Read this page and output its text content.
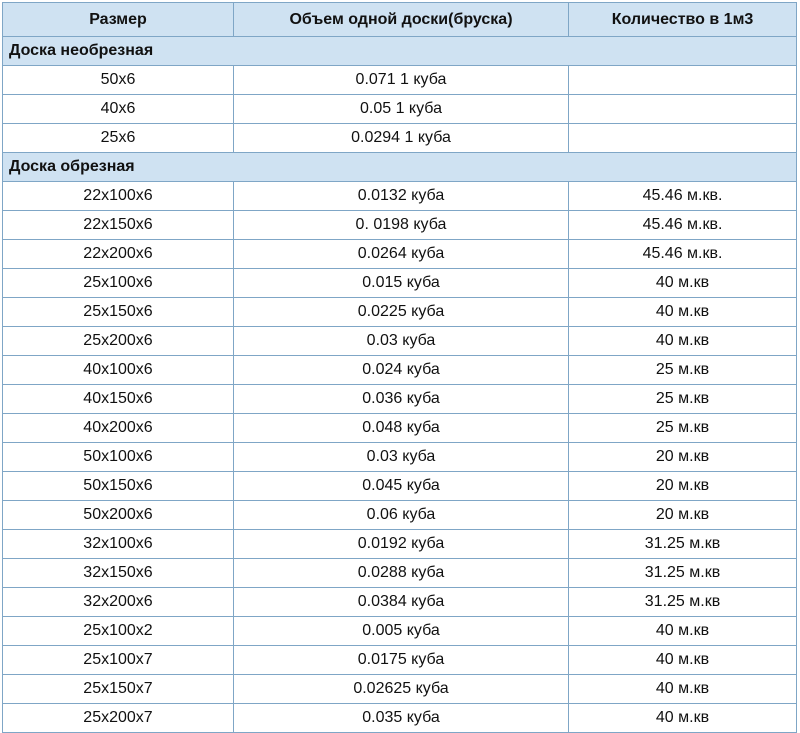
Размер	Объем одной доски(бруска)	Количество в 1м3
Доска необрезная		
50х6	0.071 1 куба	
40х6	0.05 1 куба	
25х6	0.0294 1 куба	
Доска обрезная		
22х100х6	0.0132 куба	45.46 м.кв.
22х150х6	0. 0198 куба	45.46 м.кв.
22х200х6	0.0264 куба	45.46 м.кв.
25х100х6	0.015 куба	40 м.кв
25х150х6	0.0225 куба	40 м.кв
25х200х6	0.03 куба	40 м.кв
40х100х6	0.024 куба	25 м.кв
40х150х6	0.036 куба	25 м.кв
40х200х6	0.048 куба	25 м.кв
50х100х6	0.03 куба	20 м.кв
50х150х6	0.045 куба	20 м.кв
50х200х6	0.06 куба	20 м.кв
32х100х6	0.0192 куба	31.25 м.кв
32х150х6	0.0288 куба	31.25 м.кв
32х200х6	0.0384 куба	31.25 м.кв
25х100х2	0.005 куба	40 м.кв
25х100х7	0.0175 куба	40 м.кв
25х150х7	0.02625 куба	40 м.кв
25х200х7	0.035 куба	40 м.кв
